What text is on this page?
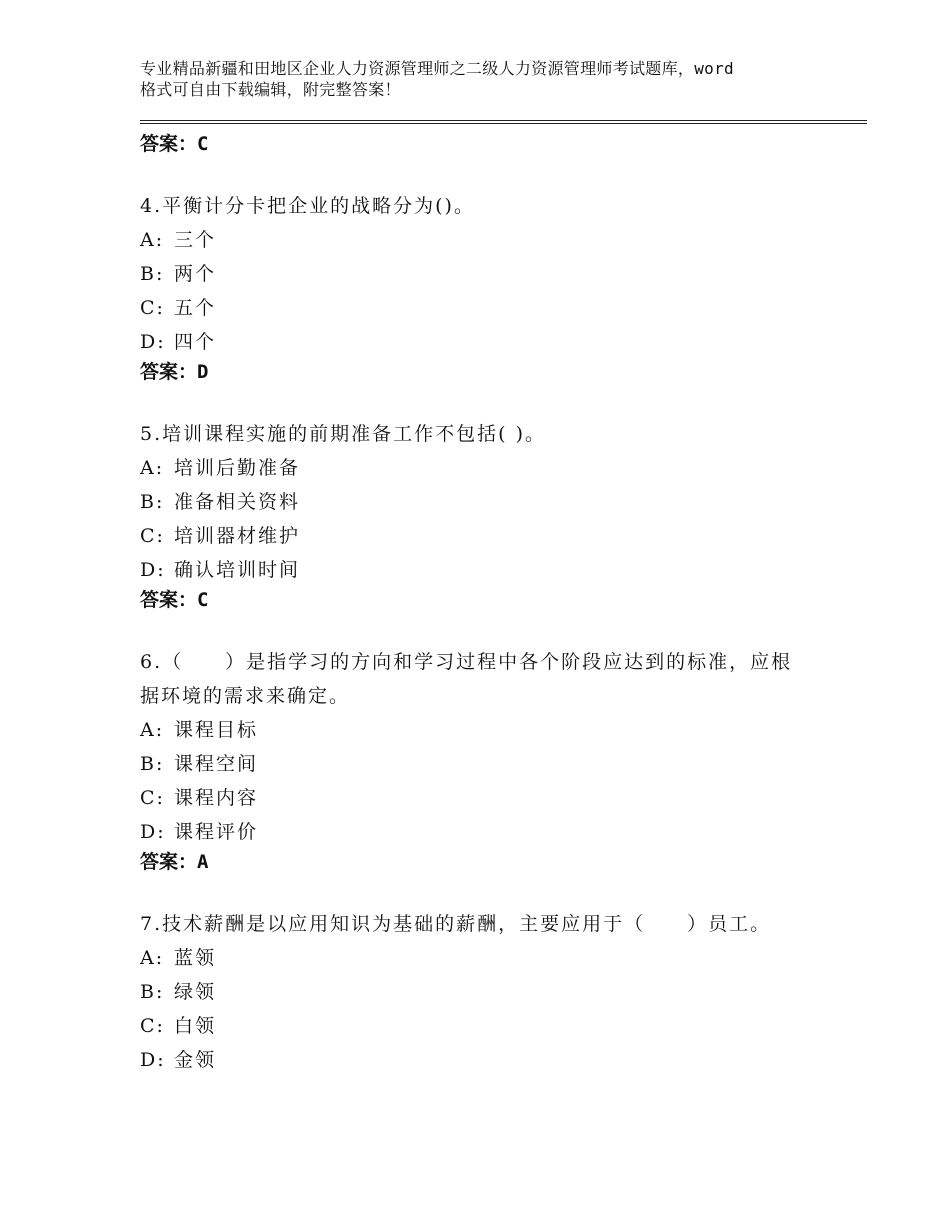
专业精品新疆和田地区企业人力资源管理师之二级人力资源管理师考试题库，word
格式可自由下载编辑，附完整答案！
答案：C

4.平衡计分卡把企业的战略分为()。

A: 三个
B: 两个
C: 五个
D: 四个
答案：D

5.培训课程实施的前期准备工作不包括( )。

A: 培训后勤准备
B: 准备相关资料
C: 培训器材维护
D: 确认培训时间
答案：C

6.（　　）是指学习的方向和学习过程中各个阶段应达到的标准，应根据环境的需求来确定。

A: 课程目标
B: 课程空间
C: 课程内容
D: 课程评价
答案：A

7.技术薪酬是以应用知识为基础的薪酬，主要应用于（　　）员工。

A: 蓝领
B: 绿领
C: 白领
D: 金领
